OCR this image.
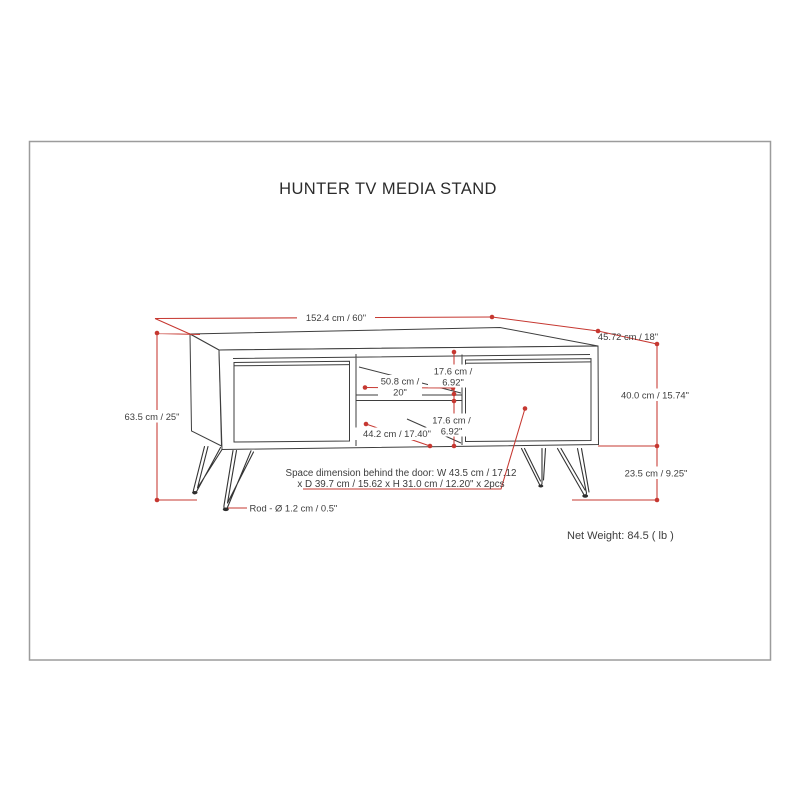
HUNTER TV MEDIA STAND
152.4 cm / 60"
45.72 cm / 18"
63.5 cm / 25"
40.0 cm / 15.74"
23.5 cm / 9.25"
17.6 cm /
6.92"
50.8 cm /
20"
17.6 cm /
6.92"
44.2 cm / 17.40"
Space dimension behind the door: W 43.5 cm / 17.12
x D 39.7 cm / 15.62 x H 31.0 cm / 12.20" x 2pcs
Rod - Ø 1.2 cm / 0.5"
Net Weight: 84.5 ( lb )
